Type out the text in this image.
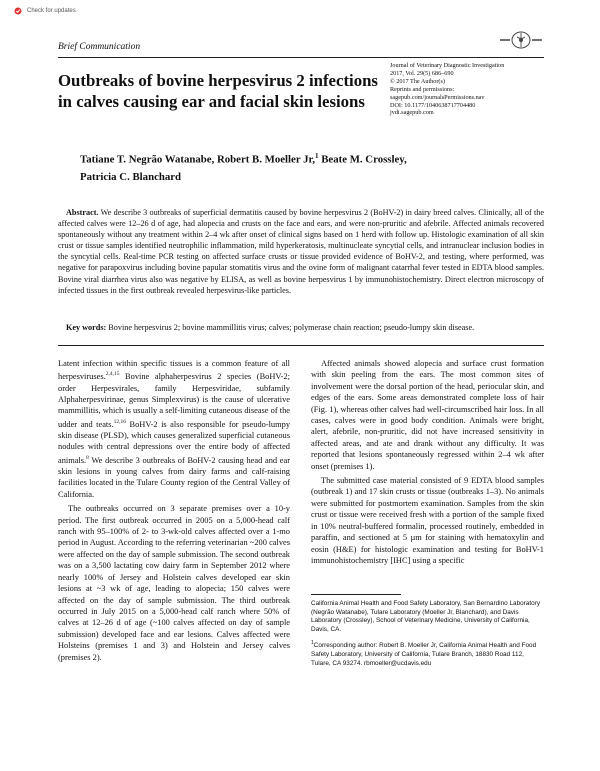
Check for updates
Brief Communication
Outbreaks of bovine herpesvirus 2 infections in calves causing ear and facial skin lesions
Journal of Veterinary Diagnostic Investigation
2017, Vol. 29(5) 686–690
© 2017 The Author(s)
Reprints and permissions:
sagepub.com/journalsPermissions.nav
DOI: 10.1177/1040638717704480
jvdi.sagepub.com
Tatiane T. Negrão Watanabe, Robert B. Moeller Jr,$^1$ Beate M. Crossley,
Patricia C. Blanchard
Abstract. We describe 3 outbreaks of superficial dermatitis caused by bovine herpesvirus 2 (BoHV-2) in dairy breed calves. Clinically, all of the affected calves were 12–26 d of age, had alopecia and crusts on the face and ears, and were non-pruritic and afebrile. Affected animals recovered spontaneously without any treatment within 2–4 wk after onset of clinical signs based on 1 herd with follow up. Histologic examination of all skin crust or tissue samples identified neutrophilic inflammation, mild hyperkeratosis, multinucleate syncytial cells, and intranuclear inclusion bodies in the syncytial cells. Real-time PCR testing on affected surface crusts or tissue provided evidence of BoHV-2, and testing, where performed, was negative for parapoxvirus including bovine papular stomatitis virus and the ovine form of malignant catarrhal fever tested in EDTA blood samples. Bovine viral diarrhea virus also was negative by ELISA, as well as bovine herpesvirus 1 by immunohistochemistry. Direct electron microscopy of infected tissues in the first outbreak revealed herpesvirus-like particles.
Key words: Bovine herpesvirus 2; bovine mammillitis virus; calves; polymerase chain reaction; pseudo-lumpy skin disease.

Latent infection within specific tissues is a common feature of all herpesviruses.$^{2,4,15}$ Bovine alphaherpesvirus 2 species (BoHV-2; order Herpesvirales, family Herpesviridae, subfamily Alphaherpesvirinae, genus Simplexvirus) is the cause of ulcerative mammillitis, which is usually a self-limiting cutaneous disease of the udder and teats.$^{12,16}$ BoHV-2 is also responsible for pseudo-lumpy skin disease (PLSD), which causes generalized superficial cutaneous nodules with central depressions over the entire body of affected animals.$^8$ We describe 3 outbreaks of BoHV-2 causing head and ear skin lesions in young calves from dairy farms and calf-raising facilities located in the Tulare County region of the Central Valley of California.

The outbreaks occurred on 3 separate premises over a 10-y period. The first outbreak occurred in 2005 on a 5,000-head calf ranch with 95–100% of 2- to 3-wk-old calves affected over a 1-mo period in August. According to the referring veterinarian ~200 calves were affected on the day of sample submission. The second outbreak was on a 3,500 lactating cow dairy farm in September 2012 where nearly 100% of Jersey and Holstein calves developed ear skin lesions at ~3 wk of age, leading to alopecia; 150 calves were affected on the day of sample submission. The third outbreak occurred in July 2015 on a 5,000-head calf ranch where 50% of calves at 12–26 d of age (~100 calves affected on day of sample submission) developed face and ear lesions. Calves affected were Holsteins (premises 1 and 3) and Holstein and Jersey calves (premises 2).

Affected animals showed alopecia and surface crust formation with skin peeling from the ears. The most common sites of involvement were the dorsal portion of the head, periocular skin, and edges of the ears. Some areas demonstrated complete loss of hair (Fig. 1), whereas other calves had well-circumscribed hair loss. In all cases, calves were in good body condition. Animals were bright, alert, afebrile, non-pruritic, did not have increased sensitivity in affected areas, and ate and drank without any difficulty. It was reported that lesions spontaneously regressed within 2–4 wk after onset (premises 1).

The submitted case material consisted of 9 EDTA blood samples (outbreak 1) and 17 skin crusts or tissue (outbreaks 1–3). No animals were submitted for postmortem examination. Samples from the skin crust or tissue were received fresh with a portion of the sample fixed in 10% neutral-buffered formalin, processed routinely, embedded in paraffin, and sectioned at 5 µm for staining with hematoxylin and eosin (H&E) for histologic examination and testing for BoHV-1 immunohistochemistry [IHC] using a specific

California Animal Health and Food Safety Laboratory, San Bernardino Laboratory (Negrão Watanabe), Tulare Laboratory (Moeller Jr, Blanchard), and Davis Laboratory (Crossley), School of Veterinary Medicine, University of California, Davis, CA.

$^1$Corresponding author: Robert B. Moeller Jr, California Animal Health and Food Safety Laboratory, University of California, Tulare Branch, 18830 Road 112, Tulare, CA 93274. rbmoeller@ucdavis.edu
